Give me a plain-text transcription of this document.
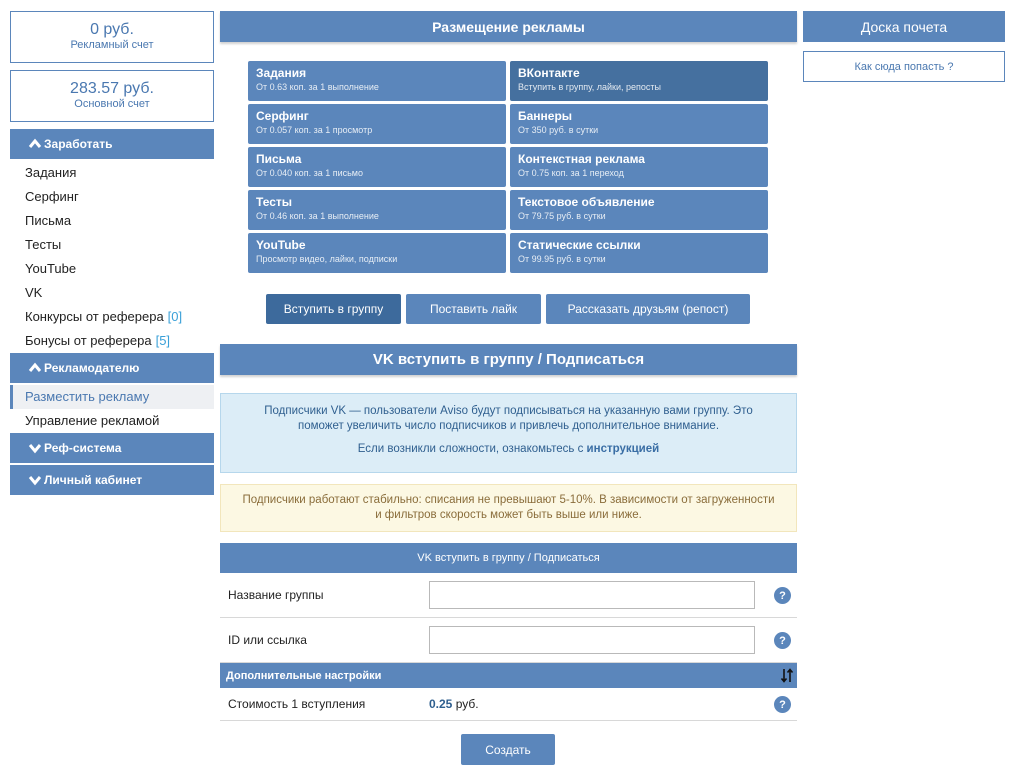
0 руб.
Рекламный счет
283.57 руб.
Основной счет
Заработать
Задания
Серфинг
Письма
Тесты
YouTube
VK
Конкурсы от реферера [0]
Бонусы от реферера [5]
Рекламодателю
Разместить рекламу
Управление рекламой
Реф-система
Личный кабинет
Размещение рекламы
Задания
От 0.63 коп. за 1 выполнение
ВКонтакте
Вступить в группу, лайки, репосты
Серфинг
От 0.057 коп. за 1 просмотр
Баннеры
От 350 руб. в сутки
Письма
От 0.040 коп. за 1 письмо
Контекстная реклама
От 0.75 коп. за 1 переход
Тесты
От 0.46 коп. за 1 выполнение
Текстовое объявление
От 79.75 руб. в сутки
YouTube
Просмотр видео, лайки, подписки
Статические ссылки
От 99.95 руб. в сутки
Вступить в группу	Поставить лайк	Рассказать друзьям (репост)
VK вступить в группу / Подписаться
Подписчики VK — пользователи Aviso будут подписываться на указанную вами группу. Это поможет увеличить число подписчиков и привлечь дополнительное внимание.
Если возникли сложности, ознакомьтесь с инструкцией
Подписчики работают стабильно: списания не превышают 5-10%. В зависимости от загруженности и фильтров скорость может быть выше или ниже.
VK вступить в группу / Подписаться
Название группы	?
ID или ссылка	?
Дополнительные настройки
Стоимость 1 вступления	0.25 руб.	?
Создать
Доска почета
Как сюда попасть ?
